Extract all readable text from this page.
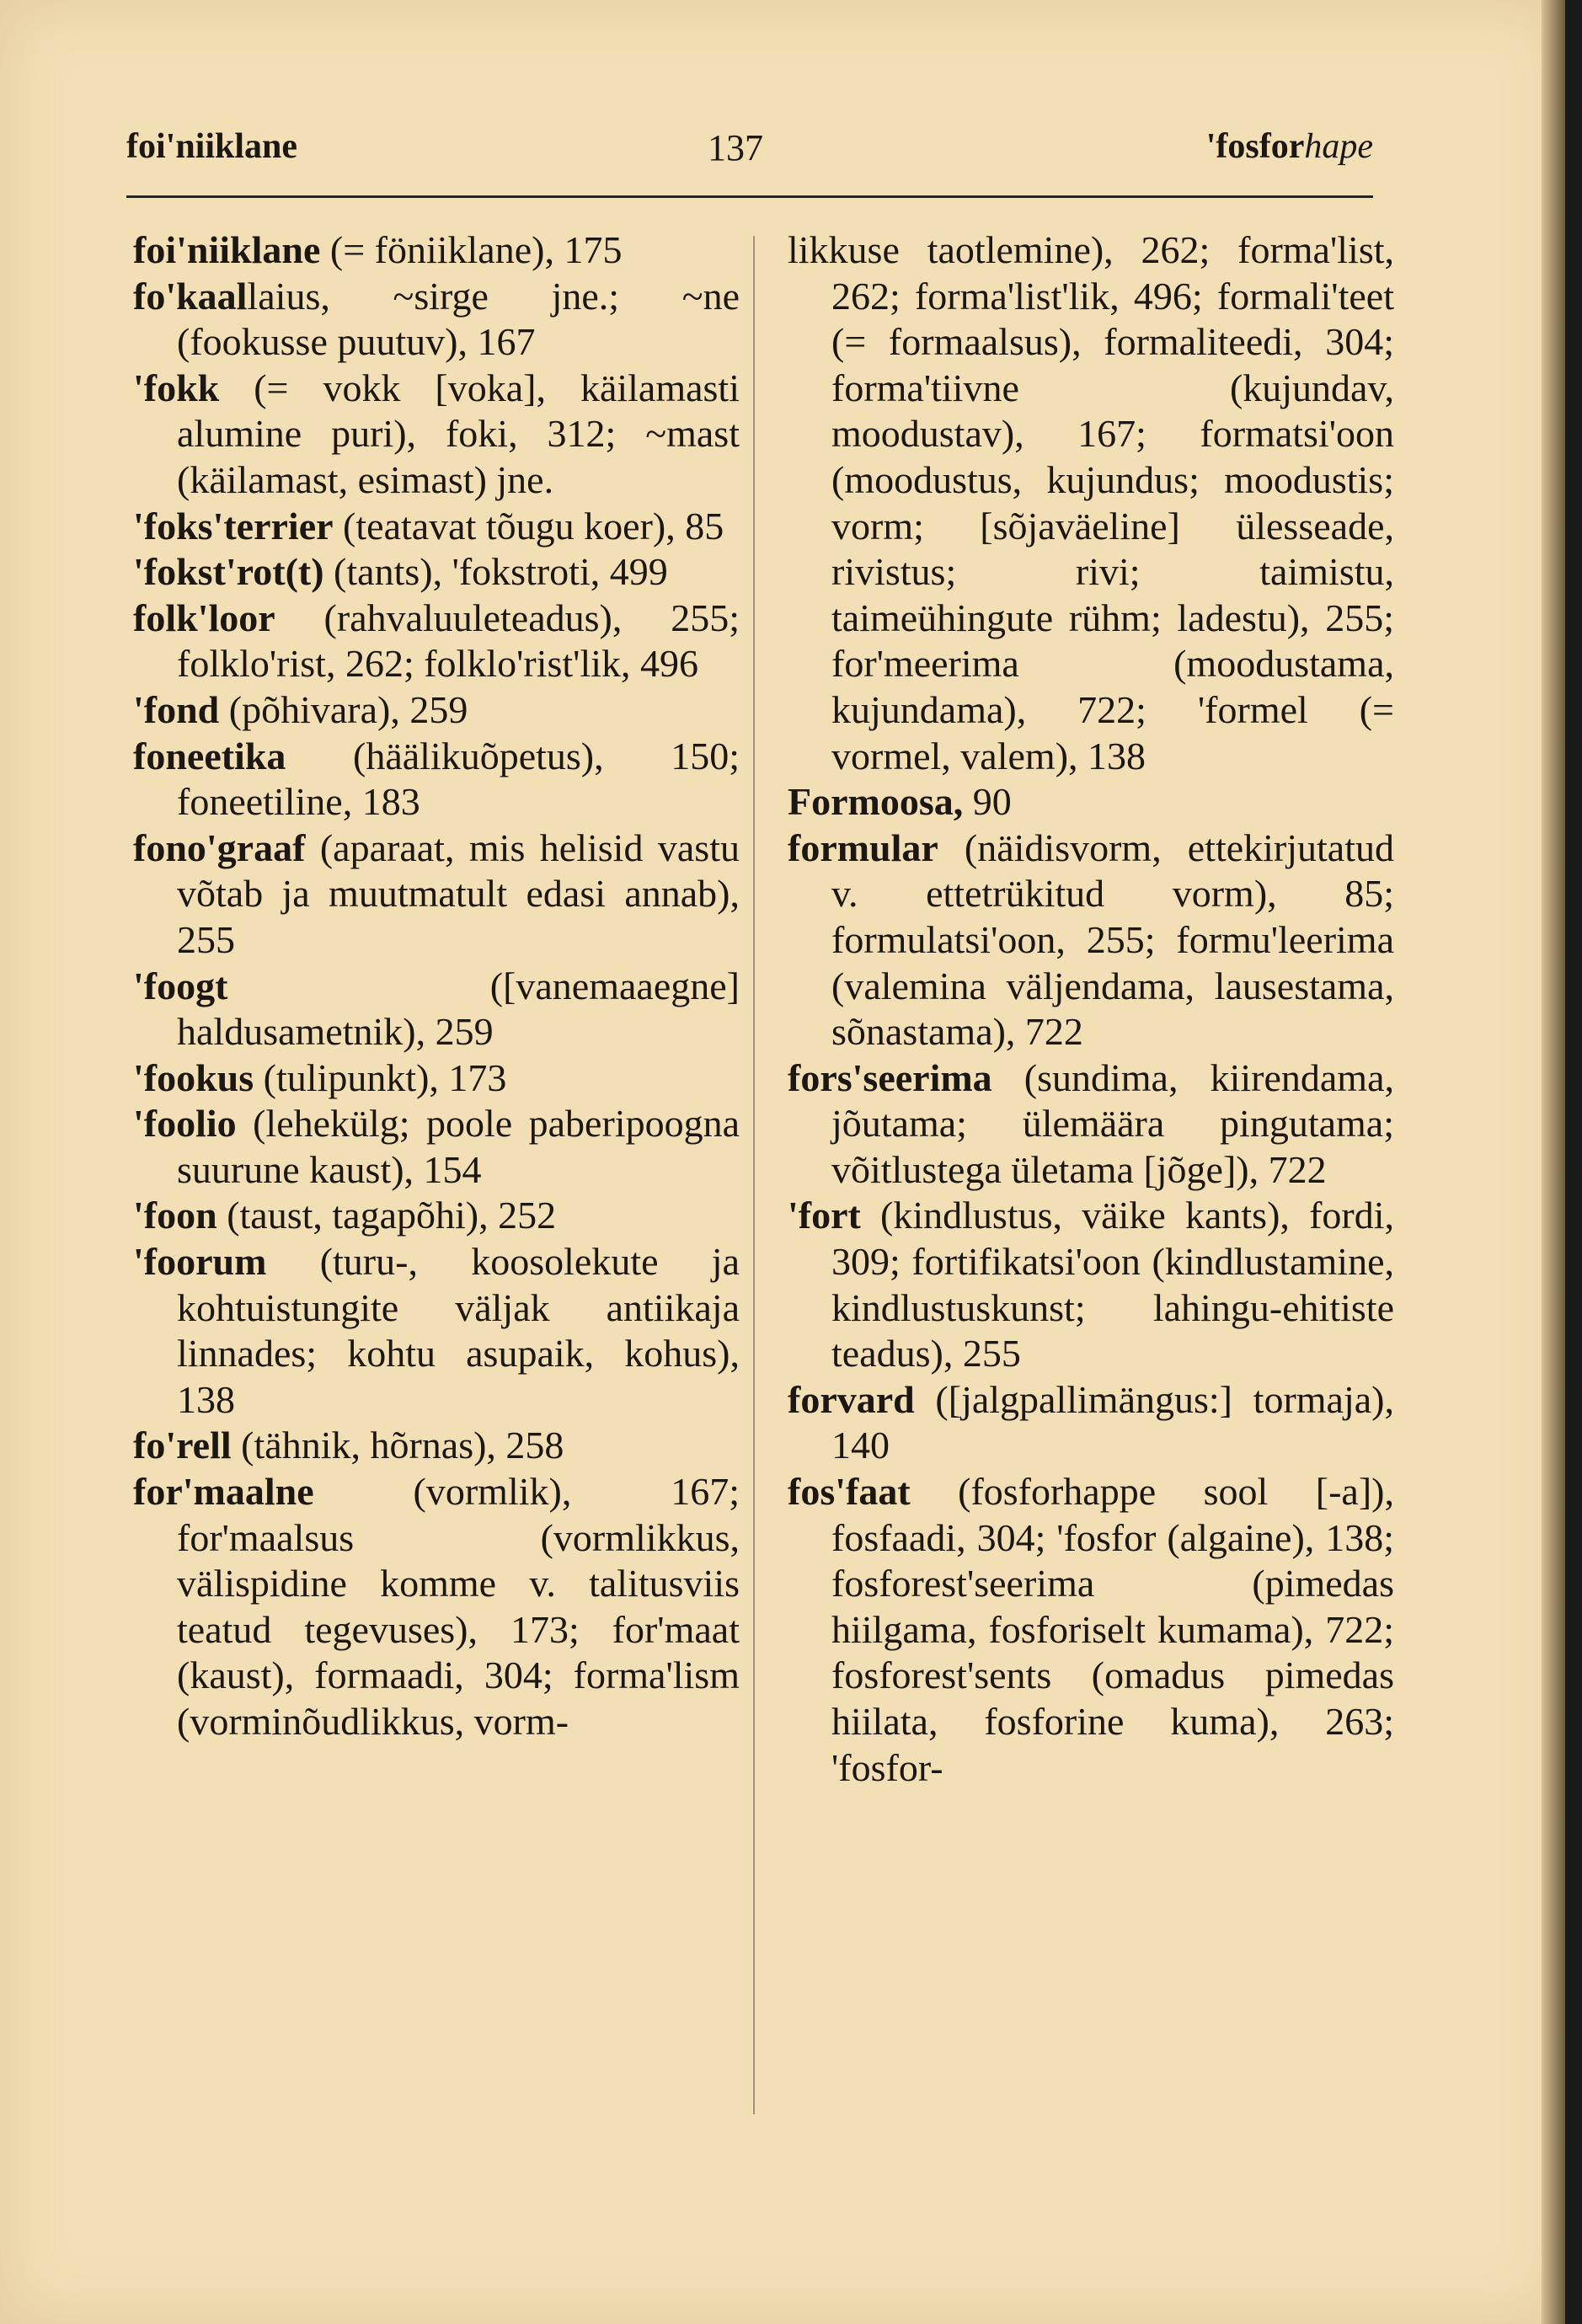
foi'niiklane	137	'fosforhape

foi'niiklane (= föniiklane), 175

fo'kaallaius, ~sirge jne.; ~ne (fookusse puutuv), 167

'fokk (= vokk [voka], käilamasti alumine puri), foki, 312; ~mast (käilamast, esimast) jne.

'foks'terrier (teatavat tõugu koer), 85

'fokst'rot(t) (tants), 'fokstroti, 499

folk'loor (rahvaluuleteadus), 255; folklo'rist, 262; folklo'rist'lik, 496

'fond (põhivara), 259

foneetika (häälikuõpetus), 150; foneetiline, 183

fono'graaf (aparaat, mis helisid vastu võtab ja muutmatult edasi annab), 255

'foogt ([vanemaaegne] haldusametnik), 259

'fookus (tulipunkt), 173

'foolio (lehekülg; poole paberipoogna suurune kaust), 154

'foon (taust, tagapõhi), 252

'foorum (turu-, koosolekute ja kohtuistungite väljak antiikaja linnades; kohtu asupaik, kohus), 138

fo'rell (tähnik, hõrnas), 258

for'maalne (vormlik), 167; for'maalsus (vormlikkus, välispidine komme v. talitusviis teatud tegevuses), 173; for'maat (kaust), formaadi, 304; forma'lism (vorminõudlikkus, vorm-

likkuse taotlemine), 262; forma'list, 262; forma'list'lik, 496; formali'teet (= formaalsus), formaliteedi, 304; forma'tiivne (kujundav, moodustav), 167; formatsi'oon (moodustus, kujundus; moodustis; vorm; [sõjaväeline] ülesseade, rivistus; rivi; taimistu, taimeühingute rühm; ladestu), 255; for'meerima (moodustama, kujundama), 722; 'formel (= vormel, valem), 138

Formoosa, 90

formular (näidisvorm, ettekirjutatud v. ettetrükitud vorm), 85; formulatsi'oon, 255; formu'leerima (valemina väljendama, lausestama, sõnastama), 722

fors'seerima (sundima, kiirendama, jõutama; ülemäära pingutama; võitlustega ületama [jõge]), 722

'fort (kindlustus, väike kants), fordi, 309; fortifikatsi'oon (kindlustamine, kindlustuskunst; lahingu-ehitiste teadus), 255

forvard ([jalgpallimängus:] tormaja), 140

fos'faat (fosforhappe sool [-a]), fosfaadi, 304; 'fosfor (algaine), 138; fosforest'seerima (pimedas hiilgama, fosforiselt kumama), 722; fosforest'sents (omadus pimedas hiilata, fosforine kuma), 263; 'fosfor-
